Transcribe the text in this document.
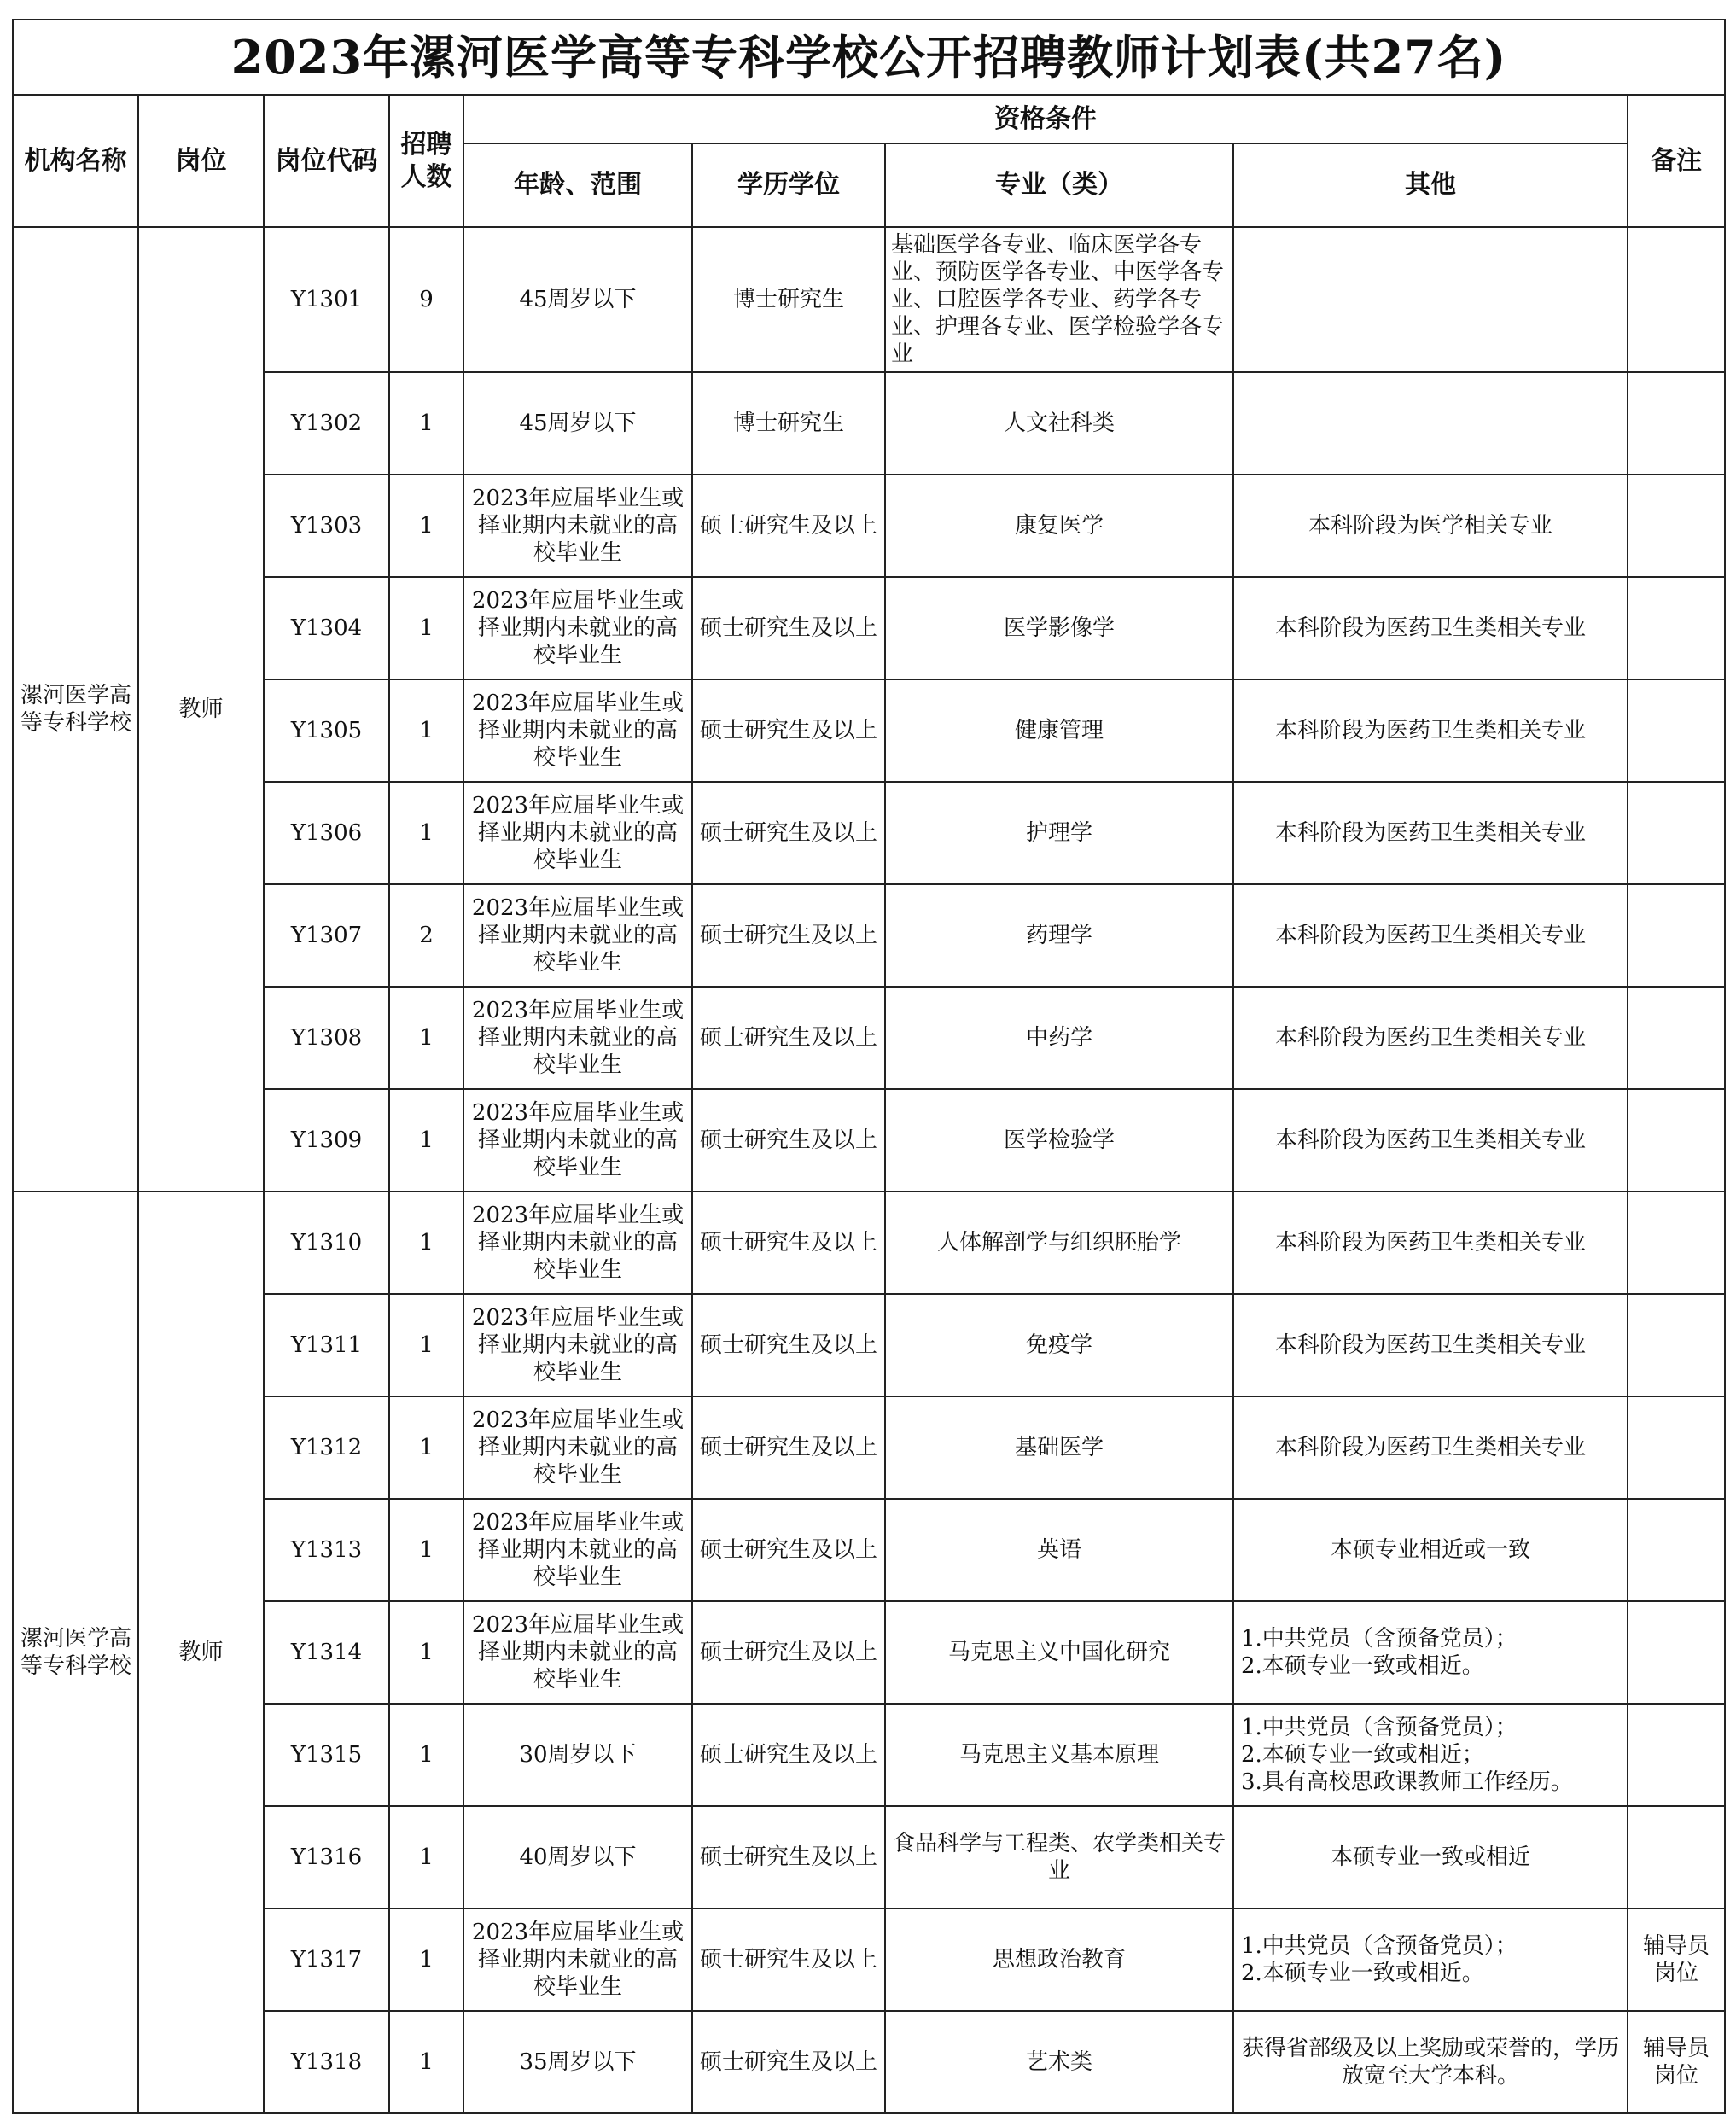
2023年漯河医学高等专科学校公开招聘教师计划表(共27名)								
机构名称	岗位	岗位代码	招聘人数	资格条件				备注
				年龄、范围	学历学位	专业（类）	其他	
漯河医学高等专科学校	教师	Y1301	9	45周岁以下	博士研究生	基础医学各专业、临床医学各专业、预防医学各专业、中医学各专业、口腔医学各专业、药学各专业、护理各专业、医学检验学各专业		
		Y1302	1	45周岁以下	博士研究生	人文社科类		
		Y1303	1	2023年应届毕业生或择业期内未就业的高校毕业生	硕士研究生及以上	康复医学	本科阶段为医学相关专业	
		Y1304	1	2023年应届毕业生或择业期内未就业的高校毕业生	硕士研究生及以上	医学影像学	本科阶段为医药卫生类相关专业	
		Y1305	1	2023年应届毕业生或择业期内未就业的高校毕业生	硕士研究生及以上	健康管理	本科阶段为医药卫生类相关专业	
		Y1306	1	2023年应届毕业生或择业期内未就业的高校毕业生	硕士研究生及以上	护理学	本科阶段为医药卫生类相关专业	
		Y1307	2	2023年应届毕业生或择业期内未就业的高校毕业生	硕士研究生及以上	药理学	本科阶段为医药卫生类相关专业	
		Y1308	1	2023年应届毕业生或择业期内未就业的高校毕业生	硕士研究生及以上	中药学	本科阶段为医药卫生类相关专业	
		Y1309	1	2023年应届毕业生或择业期内未就业的高校毕业生	硕士研究生及以上	医学检验学	本科阶段为医药卫生类相关专业	
漯河医学高等专科学校	教师	Y1310	1	2023年应届毕业生或择业期内未就业的高校毕业生	硕士研究生及以上	人体解剖学与组织胚胎学	本科阶段为医药卫生类相关专业	
		Y1311	1	2023年应届毕业生或择业期内未就业的高校毕业生	硕士研究生及以上	免疫学	本科阶段为医药卫生类相关专业	
		Y1312	1	2023年应届毕业生或择业期内未就业的高校毕业生	硕士研究生及以上	基础医学	本科阶段为医药卫生类相关专业	
		Y1313	1	2023年应届毕业生或择业期内未就业的高校毕业生	硕士研究生及以上	英语	本硕专业相近或一致	
		Y1314	1	2023年应届毕业生或择业期内未就业的高校毕业生	硕士研究生及以上	马克思主义中国化研究	1.中共党员（含预备党员）；
2.本硕专业一致或相近。	

		Y1315	1	30周岁以下	硕士研究生及以上	马克思主义基本原理	1.中共党员（含预备党员）；
2.本硕专业一致或相近；
3.具有高校思政课教师工作经历。	

		Y1316	1	40周岁以下	硕士研究生及以上	食品科学与工程类、农学类相关专业	本硕专业一致或相近	
		Y1317	1	2023年应届毕业生或择业期内未就业的高校毕业生	硕士研究生及以上	思想政治教育	1.中共党员（含预备党员）；
2.本硕专业一致或相近。	辅导员岗位
		Y1318	1	35周岁以下	硕士研究生及以上	艺术类	获得省部级及以上奖励或荣誉的，学历放宽至大学本科。	辅导员岗位
